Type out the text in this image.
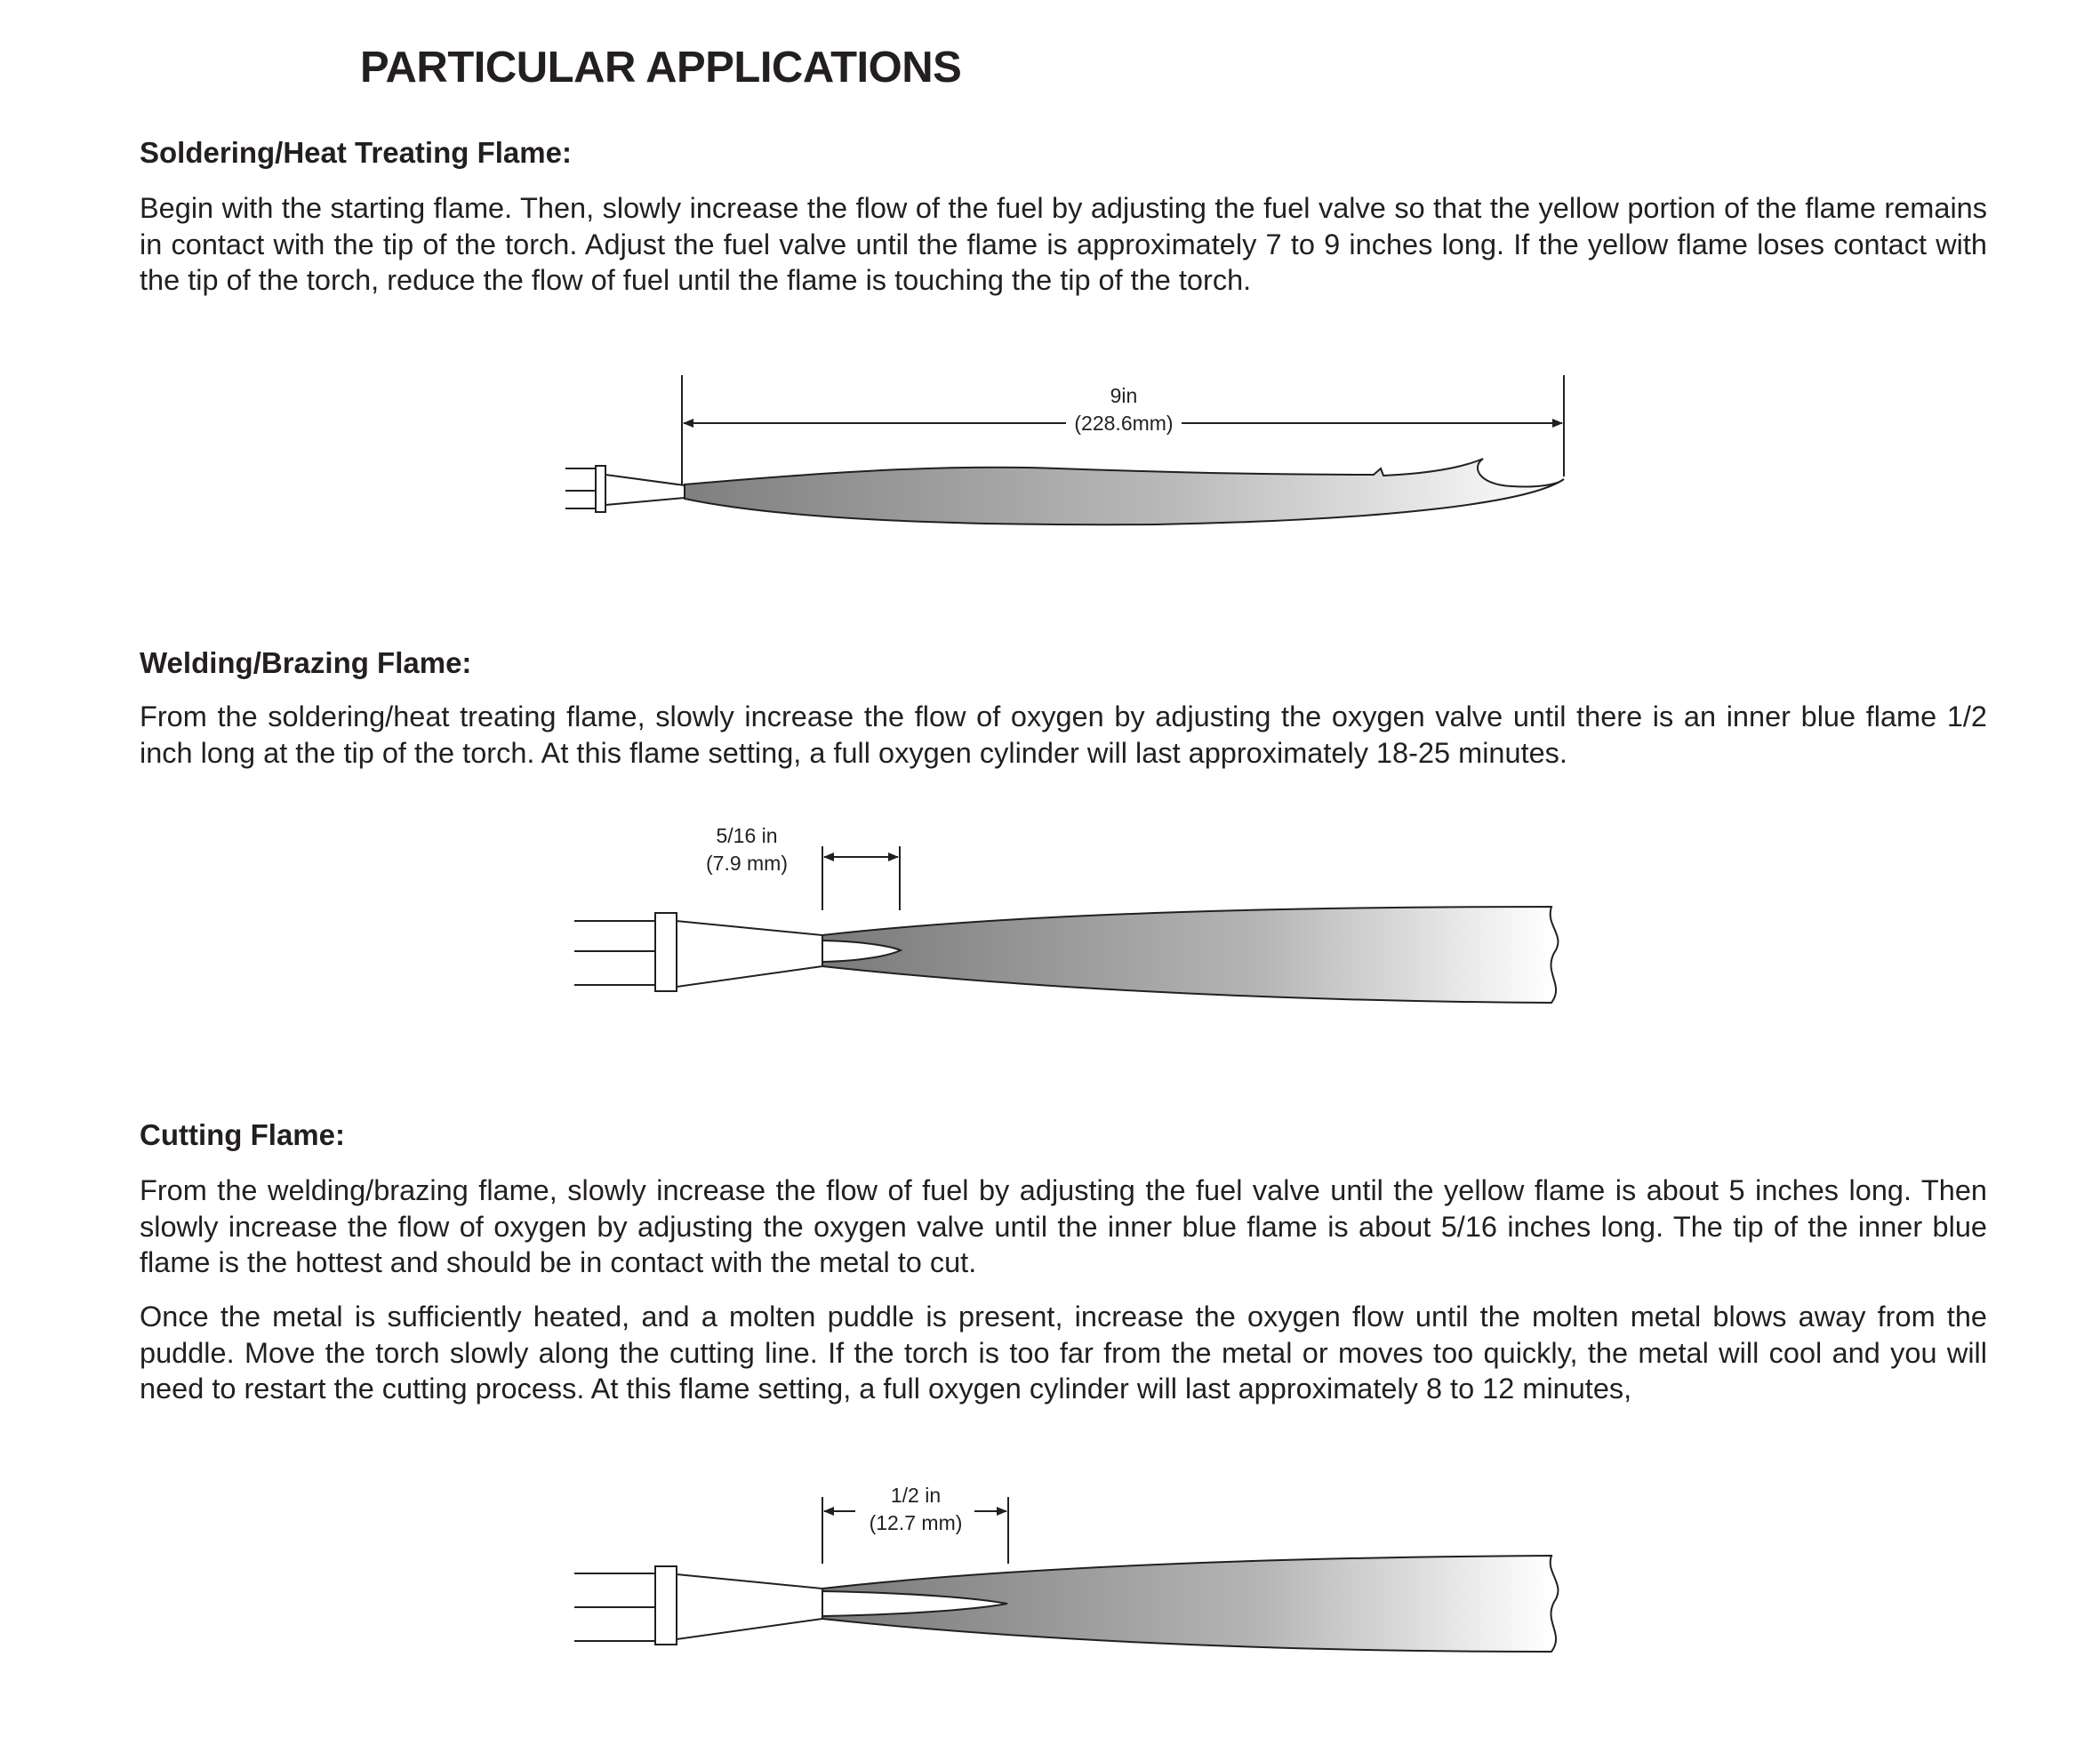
PARTICULAR APPLICATIONS
Soldering/Heat Treating Flame:
Begin with the starting flame. Then, slowly increase the flow of the fuel by adjusting the fuel valve so that the yellow portion of the flame remains in contact with the tip of the torch. Adjust the fuel valve until the flame is approximately 7 to 9 inches long. If the yellow flame loses contact with the tip of the torch, reduce the flow of fuel until the flame is touching the tip of the torch.
Welding/Brazing Flame:
From the soldering/heat treating flame, slowly increase the flow of oxygen by adjusting the oxygen valve until there is an inner blue flame 1/2 inch long at the tip of the torch. At this flame setting, a full oxygen cylinder will last approximately 18-25 minutes.
Cutting Flame:
From the welding/brazing flame, slowly increase the flow of fuel by adjusting the fuel valve until the yellow flame is about 5 inches long. Then slowly increase the flow of oxygen by adjusting the oxygen valve until the inner blue flame is about 5/16 inches long. The tip of the inner blue flame is the hottest and should be in contact with the metal to cut.
Once the metal is sufficiently heated, and a molten puddle is present, increase the oxygen flow until the molten metal blows away from the puddle. Move the torch slowly along the cutting line. If the torch is too far from the metal or moves too quickly, the metal will cool and you will need to restart the cutting process. At this flame setting, a full oxygen cylinder will last approximately 8 to 12 minutes,
9in
(228.6mm)
5/16 in
(7.9 mm)
1/2 in
(12.7 mm)
